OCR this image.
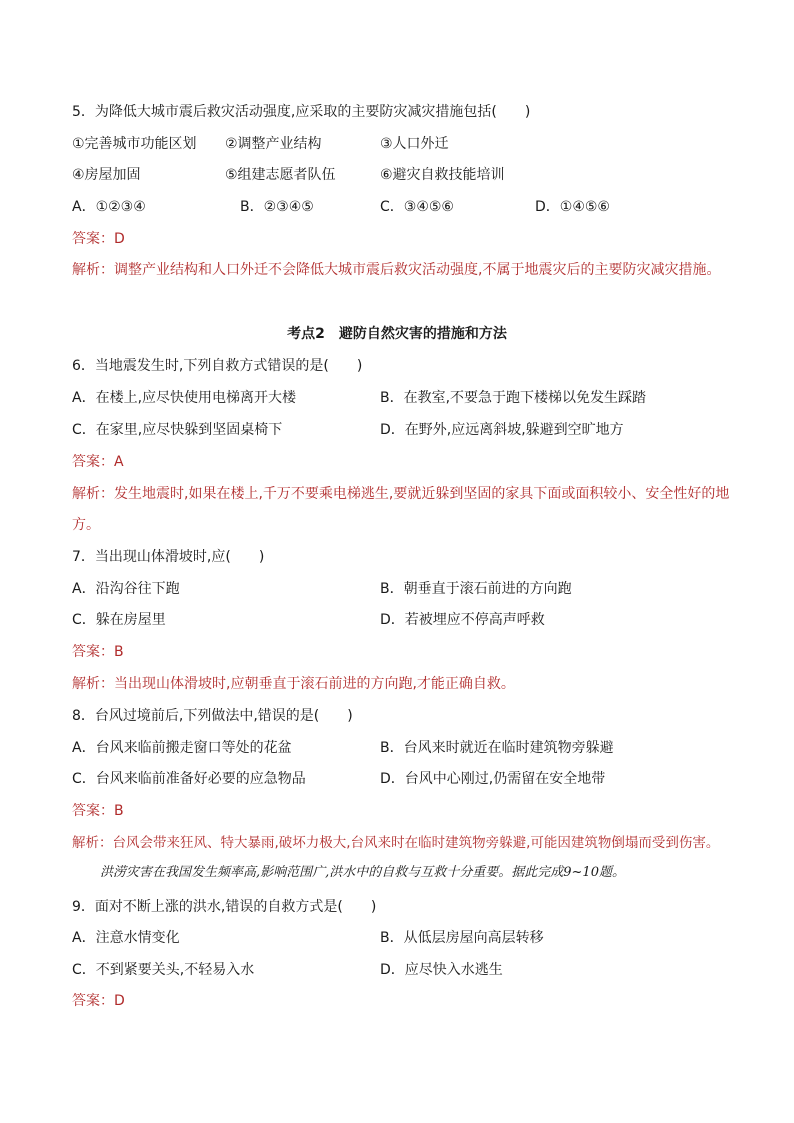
5．为降低大城市震后救灾活动强度,应采取的主要防灾减灾措施包括(　　)
①完善城市功能区划 ②调整产业结构	③人口外迁
④房屋加固	⑤组建志愿者队伍	⑥避灾自救技能培训
A．①②③④	B．②③④⑤	C．③④⑤⑥	D．①④⑤⑥
答案：D
解析：调整产业结构和人口外迁不会降低大城市震后救灾活动强度,不属于地震灾后的主要防灾减灾措施。
考点2　避防自然灾害的措施和方法
6．当地震发生时,下列自救方式错误的是(　　)
A．在楼上,应尽快使用电梯离开大楼	B．在教室,不要急于跑下楼梯以免发生踩踏
C．在家里,应尽快躲到坚固桌椅下	D．在野外,应远离斜坡,躲避到空旷地方
答案：A
解析：发生地震时,如果在楼上,千万不要乘电梯逃生,要就近躲到坚固的家具下面或面积较小、安全性好的地
方。
7．当出现山体滑坡时,应(　　)
A．沿沟谷往下跑	B．朝垂直于滚石前进的方向跑
C．躲在房屋里	D．若被埋应不停高声呼救
答案：B
解析：当出现山体滑坡时,应朝垂直于滚石前进的方向跑,才能正确自救。
8．台风过境前后,下列做法中,错误的是(　　)
A．台风来临前搬走窗口等处的花盆	B．台风来时就近在临时建筑物旁躲避
C．台风来临前准备好必要的应急物品	D．台风中心刚过,仍需留在安全地带
答案：B
解析：台风会带来狂风、特大暴雨,破坏力极大,台风来时在临时建筑物旁躲避,可能因建筑物倒塌而受到伤害。
洪涝灾害在我国发生频率高,影响范围广,洪水中的自救与互救十分重要。据此完成9~10题。
9．面对不断上涨的洪水,错误的自救方式是(　　)
A．注意水情变化	B．从低层房屋向高层转移
C．不到紧要关头,不轻易入水	D．应尽快入水逃生
答案：D
